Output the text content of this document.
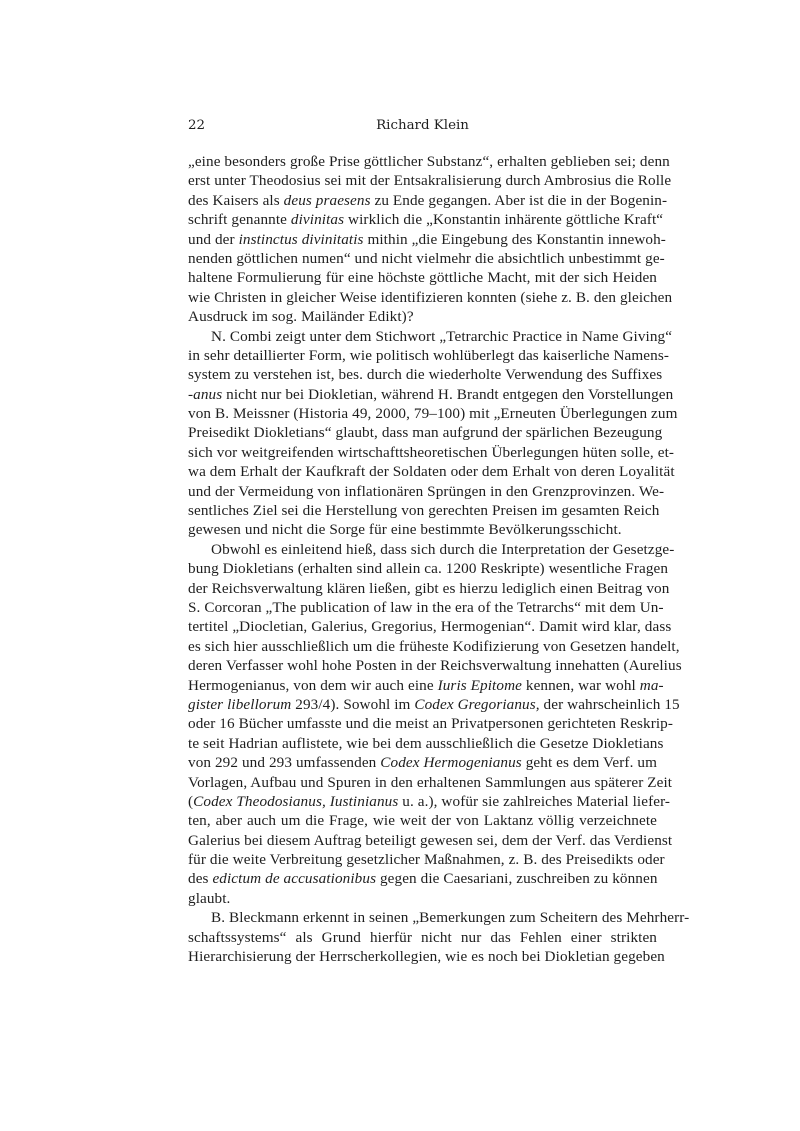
22	Richard Klein
„eine besonders große Prise göttlicher Substanz“, erhalten geblieben sei; denn
erst unter Theodosius sei mit der Entsakralisierung durch Ambrosius die Rolle
des Kaisers als deus praesens zu Ende gegangen. Aber ist die in der Bogenin-
schrift genannte divinitas wirklich die „Konstantin inhärente göttliche Kraft“
und der instinctus divinitatis mithin „die Eingebung des Konstantin innewoh-
nenden göttlichen numen“ und nicht vielmehr die absichtlich unbestimmt ge-
haltene Formulierung für eine höchste göttliche Macht, mit der sich Heiden
wie Christen in gleicher Weise identifizieren konnten (siehe z. B. den gleichen
Ausdruck im sog. Mailänder Edikt)?
N. Combi zeigt unter dem Stichwort „Tetrarchic Practice in Name Giving“
in sehr detaillierter Form, wie politisch wohlüberlegt das kaiserliche Namens-
system zu verstehen ist, bes. durch die wiederholte Verwendung des Suffixes
-anus nicht nur bei Diokletian, während H. Brandt entgegen den Vorstellungen
von B. Meissner (Historia 49, 2000, 79–100) mit „Erneuten Überlegungen zum
Preisedikt Diokletians“ glaubt, dass man aufgrund der spärlichen Bezeugung
sich vor weitgreifenden wirtschafttsheoretischen Überlegungen hüten solle, et-
wa dem Erhalt der Kaufkraft der Soldaten oder dem Erhalt von deren Loyalität
und der Vermeidung von inflationären Sprüngen in den Grenzprovinzen. We-
sentliches Ziel sei die Herstellung von gerechten Preisen im gesamten Reich
gewesen und nicht die Sorge für eine bestimmte Bevölkerungsschicht.
Obwohl es einleitend hieß, dass sich durch die Interpretation der Gesetzge-
bung Diokletians (erhalten sind allein ca. 1200 Reskripte) wesentliche Fragen
der Reichsverwaltung klären ließen, gibt es hierzu lediglich einen Beitrag von
S. Corcoran „The publication of law in the era of the Tetrarchs“ mit dem Un-
tertitel „Diocletian, Galerius, Gregorius, Hermogenian“. Damit wird klar, dass
es sich hier ausschließlich um die früheste Kodifizierung von Gesetzen handelt,
deren Verfasser wohl hohe Posten in der Reichsverwaltung innehatten (Aurelius
Hermogenianus, von dem wir auch eine Iuris Epitome kennen, war wohl ma-
gister libellorum 293/4). Sowohl im Codex Gregorianus, der wahrscheinlich 15
oder 16 Bücher umfasste und die meist an Privatpersonen gerichteten Reskrip-
te seit Hadrian auflistete, wie bei dem ausschließlich die Gesetze Diokletians
von 292 und 293 umfassenden Codex Hermogenianus geht es dem Verf. um
Vorlagen, Aufbau und Spuren in den erhaltenen Sammlungen aus späterer Zeit
(Codex Theodosianus, Iustinianus u. a.), wofür sie zahlreiches Material liefer-
ten, aber auch um die Frage, wie weit der von Laktanz völlig verzeichnete
Galerius bei diesem Auftrag beteiligt gewesen sei, dem der Verf. das Verdienst
für die weite Verbreitung gesetzlicher Maßnahmen, z. B. des Preisedikts oder
des edictum de accusationibus gegen die Caesariani, zuschreiben zu können
glaubt.
B. Bleckmann erkennt in seinen „Bemerkungen zum Scheitern des Mehrherr-
schaftssystems“ als Grund hierfür nicht nur das Fehlen einer strikten
Hierarchisierung der Herrscherkollegien, wie es noch bei Diokletian gegeben
